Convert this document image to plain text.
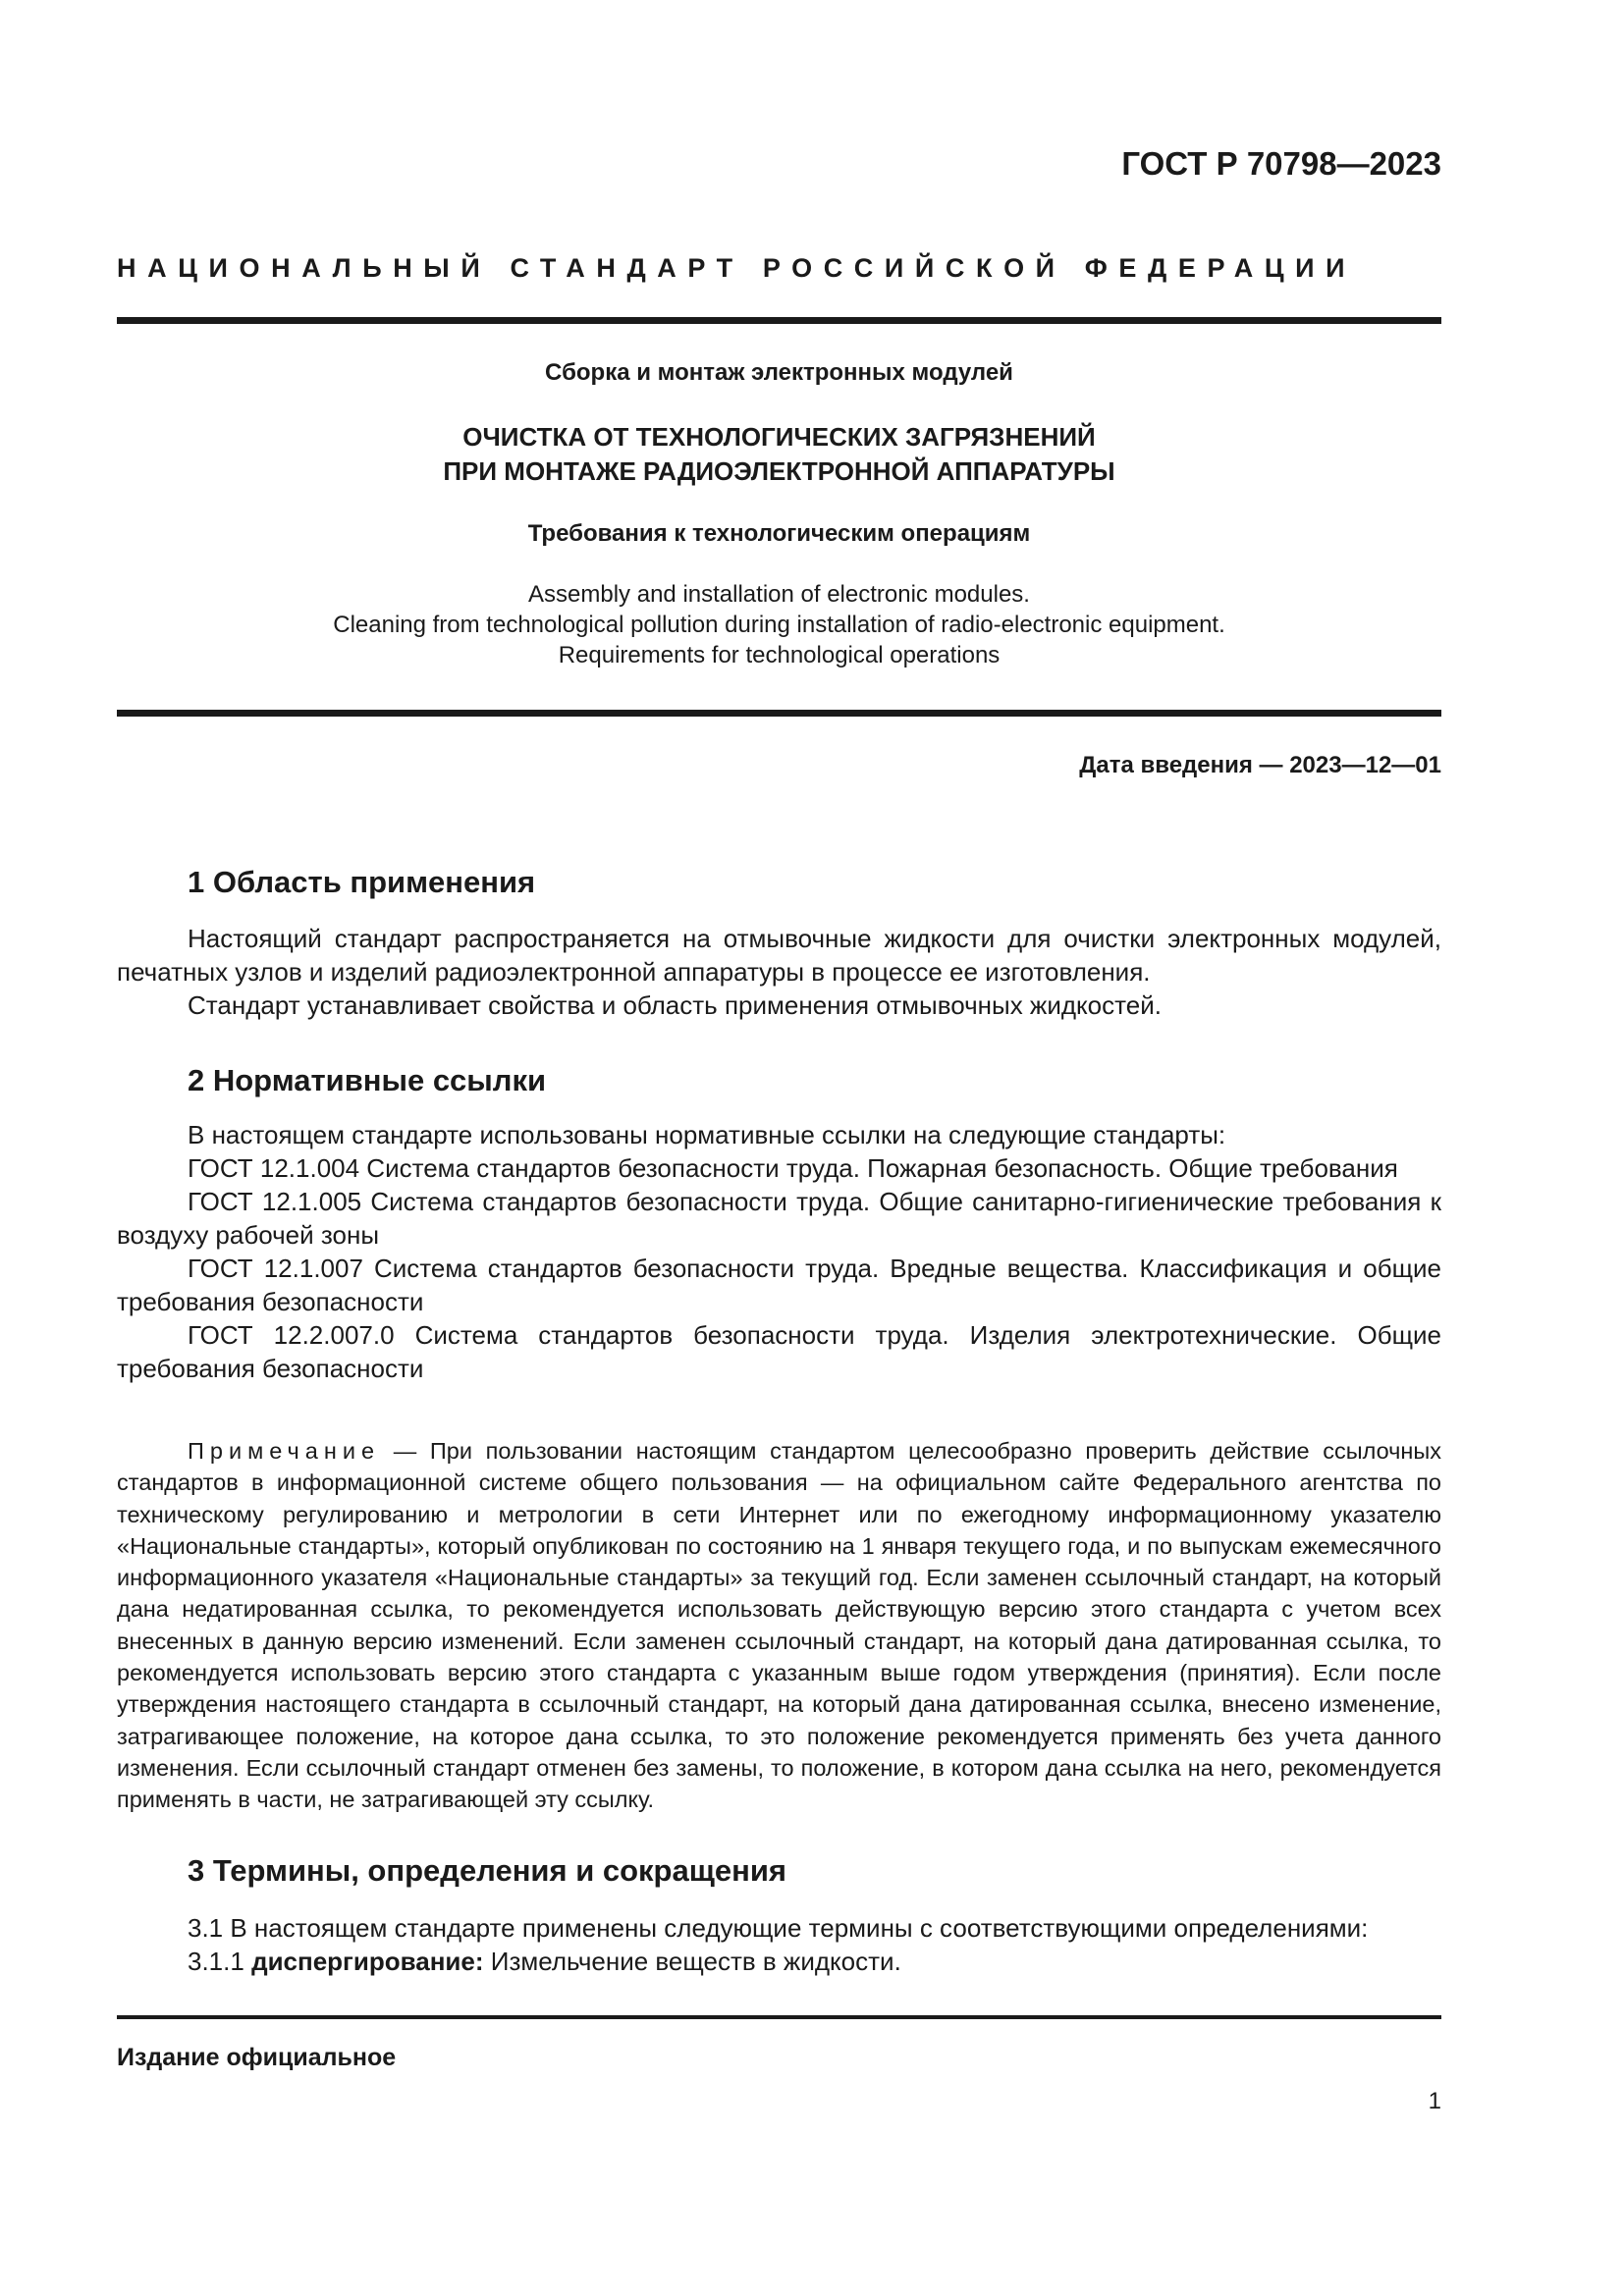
ГОСТ Р 70798—2023
НАЦИОНАЛЬНЫЙ СТАНДАРТ РОССИЙСКОЙ ФЕДЕРАЦИИ
Сборка и монтаж электронных модулей
ОЧИСТКА ОТ ТЕХНОЛОГИЧЕСКИХ ЗАГРЯЗНЕНИЙ
ПРИ МОНТАЖЕ РАДИОЭЛЕКТРОННОЙ АППАРАТУРЫ
Требования к технологическим операциям
Assembly and installation of electronic modules.
Cleaning from technological pollution during installation of radio-electronic equipment.
Requirements for technological operations
Дата введения — 2023—12—01
1 Область применения

Настоящий стандарт распространяется на отмывочные жидкости для очистки электронных модулей, печатных узлов и изделий радиоэлектронной аппаратуры в процессе ее изготовления.

Стандарт устанавливает свойства и область применения отмывочных жидкостей.

2 Нормативные ссылки

В настоящем стандарте использованы нормативные ссылки на следующие стандарты:

ГОСТ 12.1.004 Система стандартов безопасности труда. Пожарная безопасность. Общие требования

ГОСТ 12.1.005 Система стандартов безопасности труда. Общие санитарно-гигиенические требования к воздуху рабочей зоны

ГОСТ 12.1.007 Система стандартов безопасности труда. Вредные вещества. Классификация и общие требования безопасности

ГОСТ 12.2.007.0 Система стандартов безопасности труда. Изделия электротехнические. Общие требования безопасности

Примечание — При пользовании настоящим стандартом целесообразно проверить действие ссылочных стандартов в информационной системе общего пользования — на официальном сайте Федерального агентства по техническому регулированию и метрологии в сети Интернет или по ежегодному информационному указателю «Национальные стандарты», который опубликован по состоянию на 1 января текущего года, и по выпускам ежемесячного информационного указателя «Национальные стандарты» за текущий год. Если заменен ссылочный стандарт, на который дана недатированная ссылка, то рекомендуется использовать действующую версию этого стандарта с учетом всех внесенных в данную версию изменений. Если заменен ссылочный стандарт, на который дана датированная ссылка, то рекомендуется использовать версию этого стандарта с указанным выше годом утверждения (принятия). Если после утверждения настоящего стандарта в ссылочный стандарт, на который дана датированная ссылка, внесено изменение, затрагивающее положение, на которое дана ссылка, то это положение рекомендуется применять без учета данного изменения. Если ссылочный стандарт отменен без замены, то положение, в котором дана ссылка на него, рекомендуется применять в части, не затрагивающей эту ссылку.

3 Термины, определения и сокращения

3.1 В настоящем стандарте применены следующие термины с соответствующими определениями:

3.1.1 диспергирование: Измельчение веществ в жидкости.

Издание официальное
1
